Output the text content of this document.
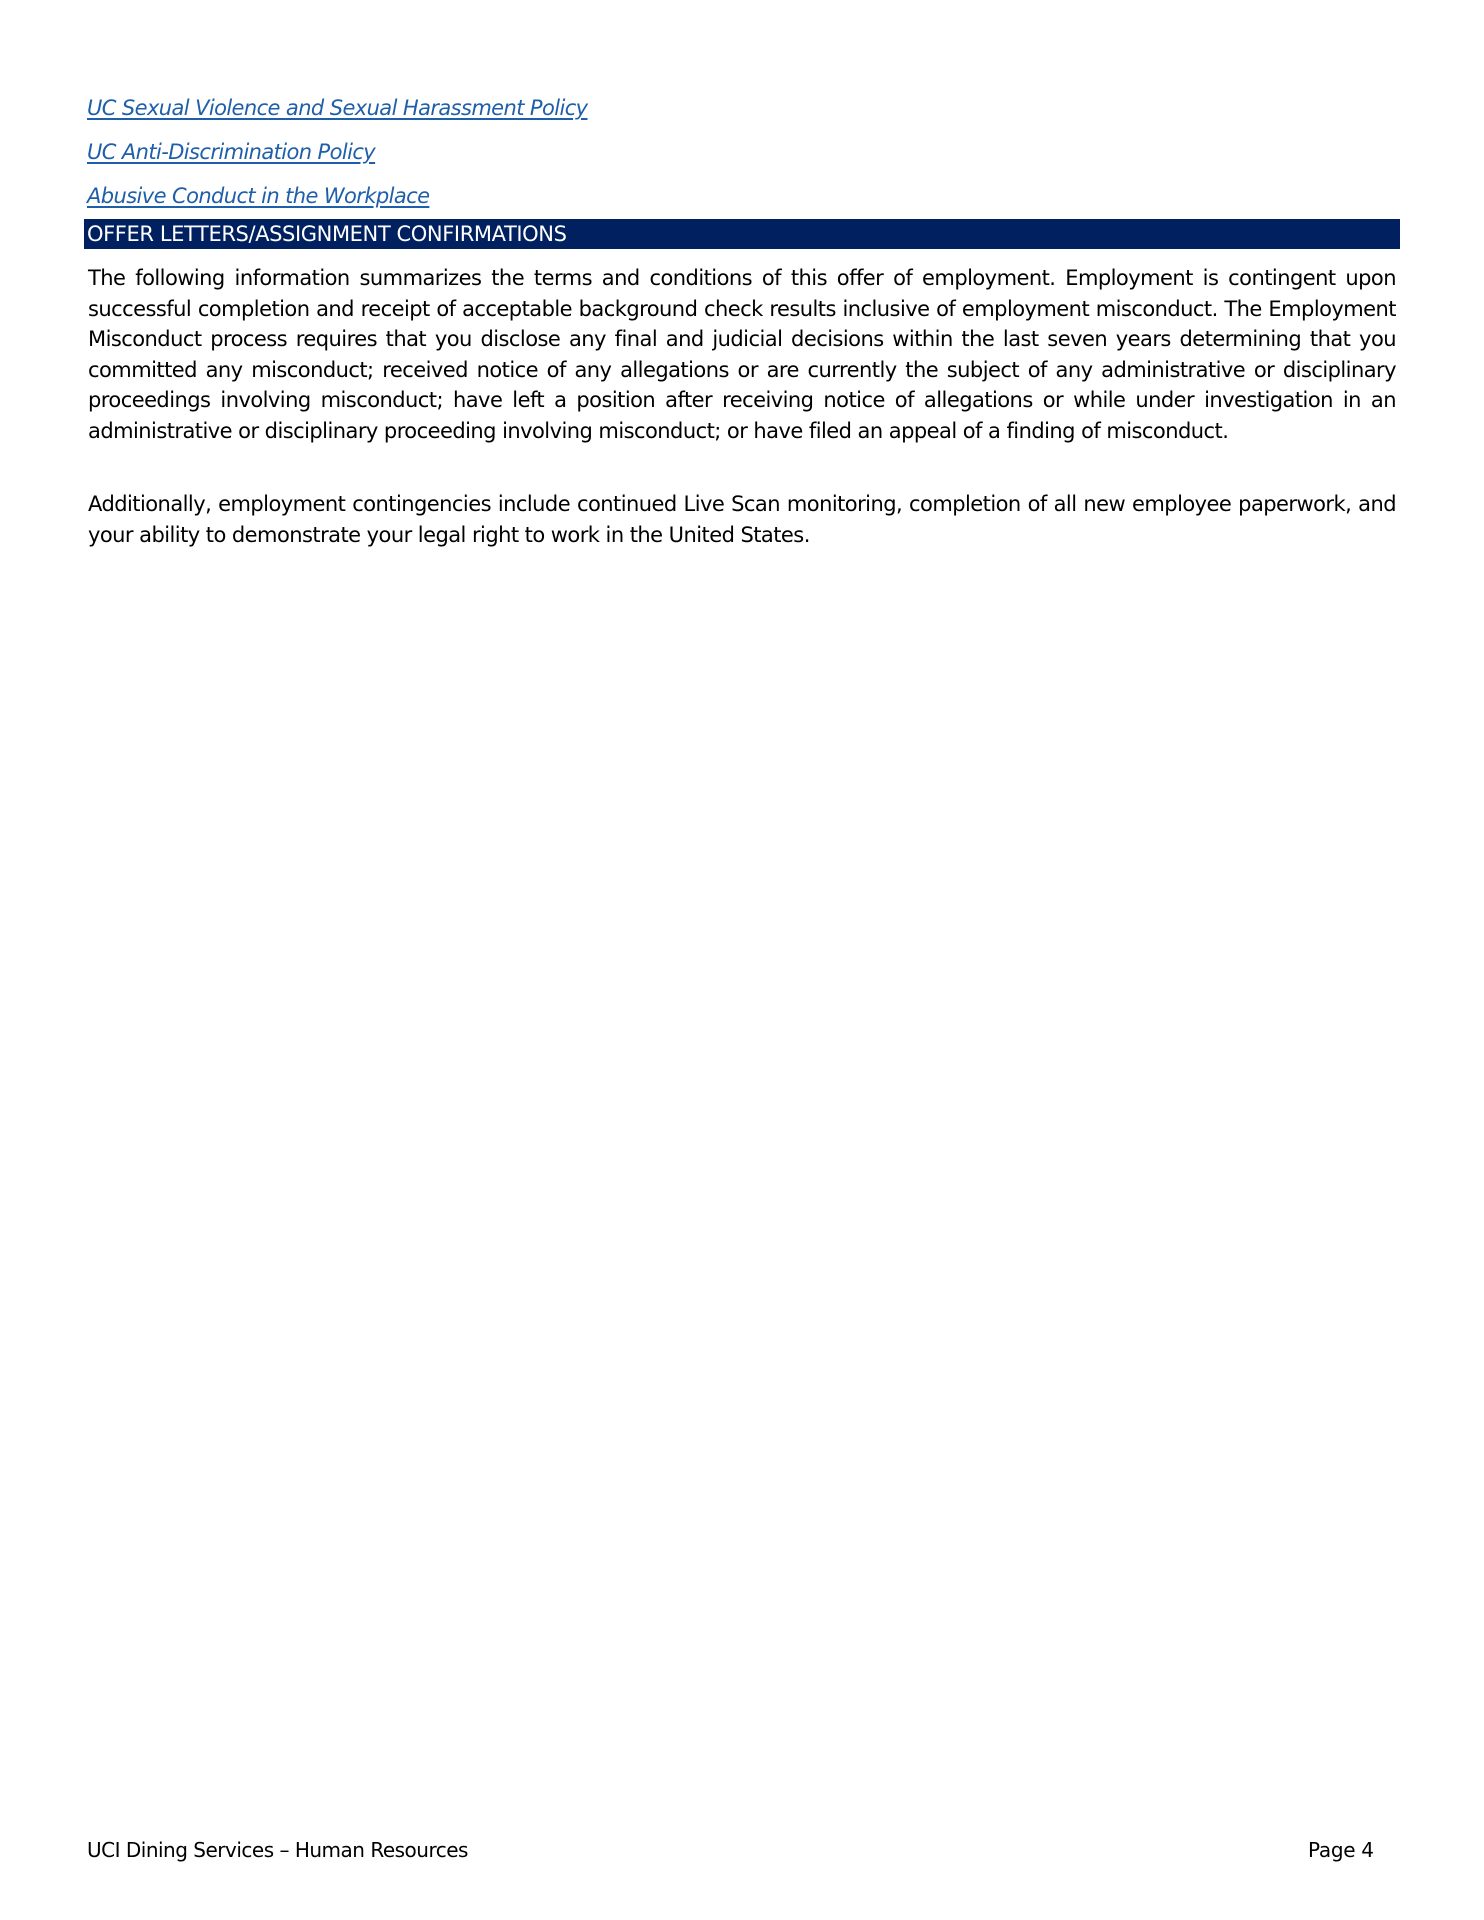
UC Sexual Violence and Sexual Harassment Policy
UC Anti-Discrimination Policy
Abusive Conduct in the Workplace
OFFER LETTERS/ASSIGNMENT CONFIRMATIONS

The following information summarizes the terms and conditions of this offer of employment. Employment is contingent upon successful completion and receipt of acceptable background check results inclusive of employment misconduct. The Employment Misconduct process requires that you disclose any final and judicial decisions within the last seven years determining that you committed any misconduct; received notice of any allegations or are currently the subject of any administrative or disciplinary proceedings involving misconduct; have left a position after receiving notice of allegations or while under investigation in an administrative or disciplinary proceeding involving misconduct; or have filed an appeal of a finding of misconduct.

Additionally, employment contingencies include continued Live Scan monitoring, completion of all new employee paperwork, and your ability to demonstrate your legal right to work in the United States.

UCI Dining Services – Human Resources	Page 4
